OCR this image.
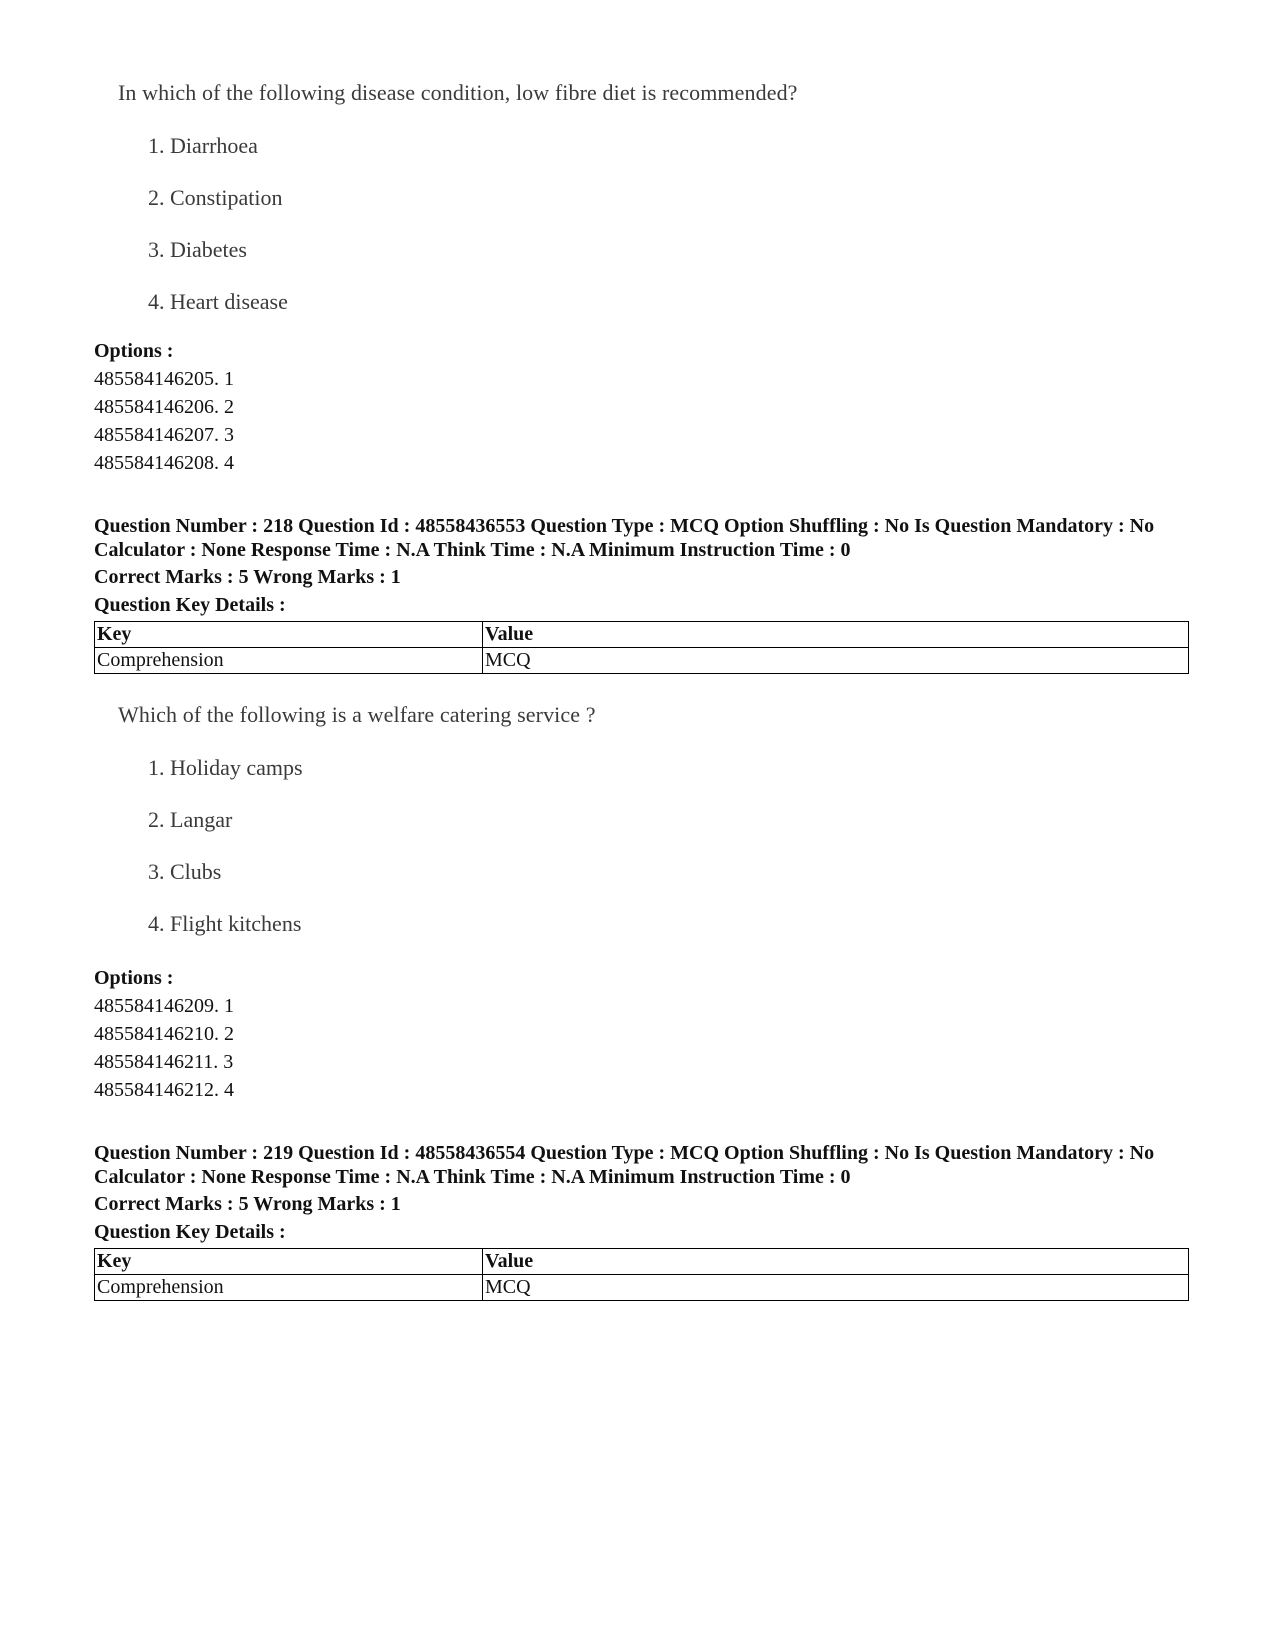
In which of the following disease condition, low fibre diet is recommended?
1. Diarrhoea
2. Constipation
3. Diabetes
4. Heart disease
Options :
485584146205. 1
485584146206. 2
485584146207. 3
485584146208. 4
Question Number : 218 Question Id : 48558436553 Question Type : MCQ Option Shuffling : No Is Question Mandatory : No Calculator : None Response Time : N.A Think Time : N.A Minimum Instruction Time : 0
Correct Marks : 5 Wrong Marks : 1
Question Key Details :
Key	Value
Comprehension	MCQ
Which of the following is a welfare catering service ?
1. Holiday camps
2. Langar
3. Clubs
4. Flight kitchens
Options :
485584146209. 1
485584146210. 2
485584146211. 3
485584146212. 4
Question Number : 219 Question Id : 48558436554 Question Type : MCQ Option Shuffling : No Is Question Mandatory : No Calculator : None Response Time : N.A Think Time : N.A Minimum Instruction Time : 0
Correct Marks : 5 Wrong Marks : 1
Question Key Details :
Key	Value
Comprehension	MCQ
